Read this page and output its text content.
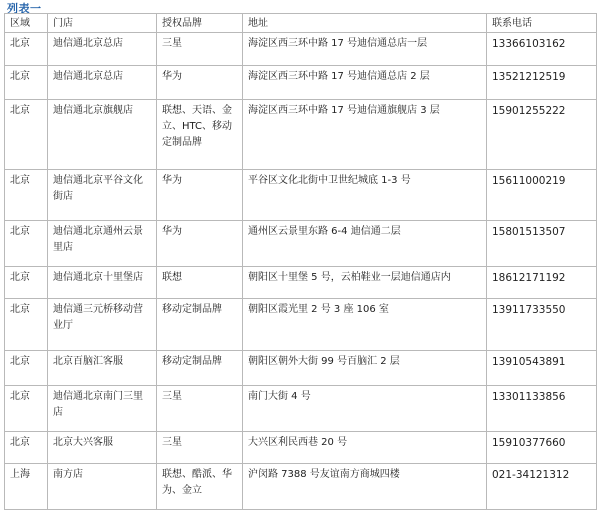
列表一
区域	门店	授权品牌	地址	联系电话
北京	迪信通北京总店	三星	海淀区西三环中路 17 号迪信通总店一层	13366103162
北京	迪信通北京总店	华为	海淀区西三环中路 17 号迪信通总店 2 层	13521212519
北京	迪信通北京旗舰店	联想、天语、金立、HTC、移动定制品牌	海淀区西三环中路 17 号迪信通旗舰店 3 层	15901255222
北京	迪信通北京平谷文化街店	华为	平谷区文化北街中卫世纪城底 1-3 号	15611000219
北京	迪信通北京通州云景里店	华为	通州区云景里东路 6-4 迪信通二层	15801513507
北京	迪信通北京十里堡店	联想	朝阳区十里堡 5 号，云柏鞋业一层迪信通店内	18612171192
北京	迪信通三元桥移动营业厅	移动定制品牌	朝阳区霞光里 2 号 3 座 106 室	13911733550
北京	北京百脑汇客服	移动定制品牌	朝阳区朝外大街 99 号百脑汇 2 层	13910543891
北京	迪信通北京南门三里店	三星	南门大街 4 号	13301133856
北京	北京大兴客服	三星	大兴区利民西巷 20 号	15910377660
上海	南方店	联想、酷派、华为、金立	沪闵路 7388 号友谊南方商城四楼	021-34121312
